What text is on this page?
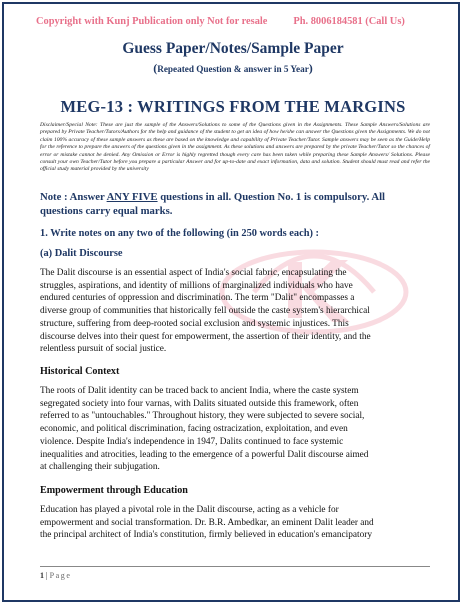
Copyright with Kunj Publication only Not for resale	Ph. 8006184581 (Call Us)
Guess Paper/Notes/Sample Paper
(Repeated Question & answer in 5 Year)
MEG-13 : WRITINGS FROM THE MARGINS
Disclaimer/Special Note: These are just the sample of the Answers/Solutions to some of the Questions given in the Assignments. These Sample Answers/Solutions are prepared by Private Teacher/Tutors/Authors for the help and guidance of the student to get an idea of how he/she can answer the Questions given the Assignments. We do not claim 100% accuracy of these sample answers as these are based on the knowledge and capability of Private Teacher/Tutor. Sample answers may be seen as the Guide/Help for the reference to prepare the answers of the questions given in the assignment. As these solutions and answers are prepared by the private Teacher/Tutor so the chances of error or mistake cannot be denied. Any Omission or Error is highly regretted though every care has been taken while preparing these Sample Answers/ Solutions. Please consult your own Teacher/Tutor before you prepare a particular Answer and for up-to-date and exact information, data and solution. Student should must read and refer the official study material provided by the university
Note : Answer ANY FIVE questions in all. Question No. 1 is compulsory. All questions carry equal marks.
1. Write notes on any two of the following (in 250 words each) :
(a) Dalit Discourse
The Dalit discourse is an essential aspect of India's social fabric, encapsulating the
struggles, aspirations, and identity of millions of marginalized individuals who have
endured centuries of oppression and discrimination. The term "Dalit" encompasses a
diverse group of communities that historically fell outside the caste system's hierarchical
structure, suffering from deep-rooted social exclusion and systemic injustices. This
discourse delves into their quest for empowerment, the assertion of their identity, and the
relentless pursuit of social justice.
Historical Context
The roots of Dalit identity can be traced back to ancient India, where the caste system
segregated society into four varnas, with Dalits situated outside this framework, often
referred to as "untouchables." Throughout history, they were subjected to severe social,
economic, and political discrimination, facing ostracization, exploitation, and even
violence. Despite India's independence in 1947, Dalits continued to face systemic
inequalities and atrocities, leading to the emergence of a powerful Dalit discourse aimed
at challenging their subjugation.
Empowerment through Education
Education has played a pivotal role in the Dalit discourse, acting as a vehicle for
empowerment and social transformation. Dr. B.R. Ambedkar, an eminent Dalit leader and
the principal architect of India's constitution, firmly believed in education's emancipatory
1 | Page
